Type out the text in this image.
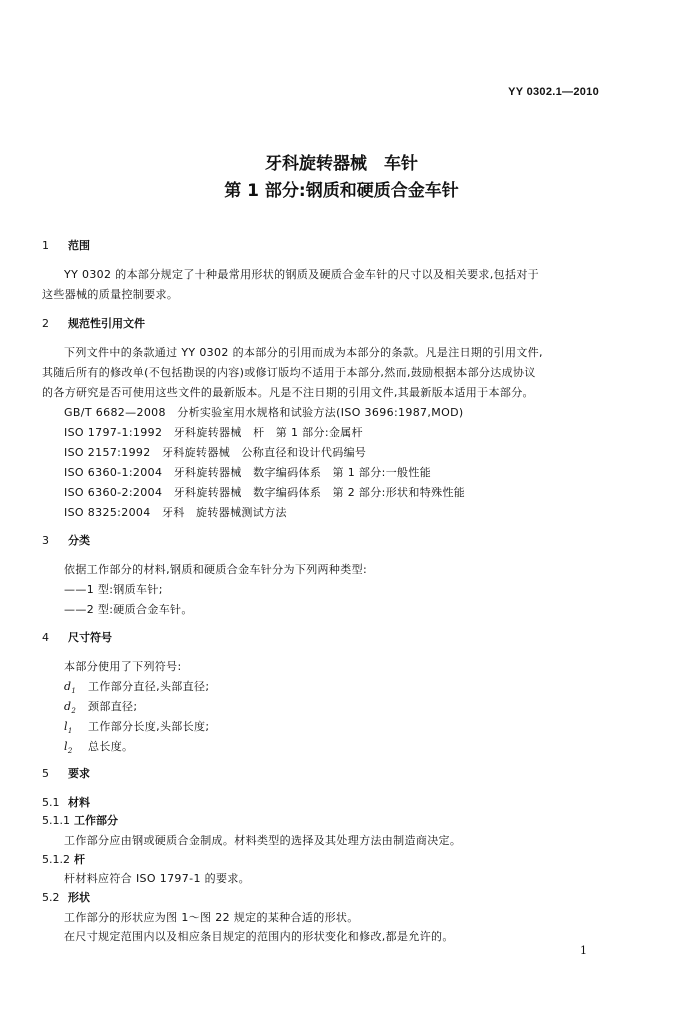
YY 0302.1—2010
牙科旋转器械　车针
第 1 部分:钢质和硬质合金车针
1 范围
YY 0302 的本部分规定了十种最常用形状的钢质及硬质合金车针的尺寸以及相关要求,包括对于
这些器械的质量控制要求。
2 规范性引用文件
下列文件中的条款通过 YY 0302 的本部分的引用而成为本部分的条款。凡是注日期的引用文件,
其随后所有的修改单(不包括勘误的内容)或修订版均不适用于本部分,然而,鼓励根据本部分达成协议
的各方研究是否可使用这些文件的最新版本。凡是不注日期的引用文件,其最新版本适用于本部分。
GB/T 6682—2008　分析实验室用水规格和试验方法(ISO 3696:1987,MOD)
ISO 1797-1:1992　牙科旋转器械　杆　第 1 部分:金属杆
ISO 2157:1992　牙科旋转器械　公称直径和设计代码编号
ISO 6360-1:2004　牙科旋转器械　数字编码体系　第 1 部分:一般性能
ISO 6360-2:2004　牙科旋转器械　数字编码体系　第 2 部分:形状和特殊性能
ISO 8325:2004　牙科　旋转器械测试方法
3 分类
依据工作部分的材料,钢质和硬质合金车针分为下列两种类型:
——1 型:钢质车针;
——2 型:硬质合金车针。
4 尺寸符号
本部分使用了下列符号:
$d_1$ 工作部分直径,头部直径;
$d_2$ 颈部直径;
$l_1$ 工作部分长度,头部长度;
$l_2$ 总长度。
5 要求
5.1 材料
5.1.1 工作部分
工作部分应由钢或硬质合金制成。材料类型的选择及其处理方法由制造商决定。
5.1.2 杆
杆材料应符合 ISO 1797-1 的要求。
5.2 形状
工作部分的形状应为图 1～图 22 规定的某种合适的形状。
在尺寸规定范围内以及相应条目规定的范围内的形状变化和修改,都是允许的。
1
